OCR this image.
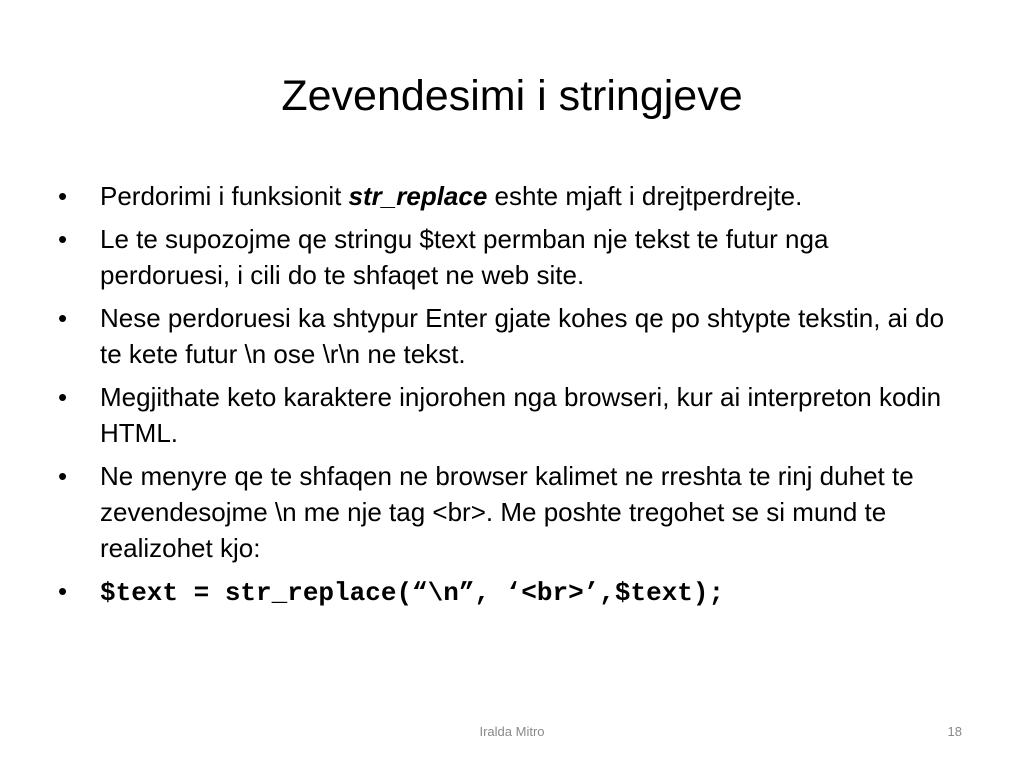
Zevendesimi i stringjeve
• Perdorimi i funksionit str_replace eshte mjaft i drejtperdrejte.
• Le te supozojme qe stringu $text permban nje tekst te futur nga perdoruesi, i cili do te shfaqet ne web site.
• Nese perdoruesi ka shtypur Enter gjate kohes qe po shtypte tekstin, ai do te kete futur \n ose \r\n ne tekst.
• Megjithate keto karaktere injorohen nga browseri, kur ai interpreton kodin HTML.
• Ne menyre qe te shfaqen ne browser kalimet ne rreshta te rinj duhet te zevendesojme \n me nje tag <br>. Me poshte tregohet se si mund te realizohet kjo:
• $text = str_replace(“\n”, ‘<br>’,$text);
Iralda Mitro	18
